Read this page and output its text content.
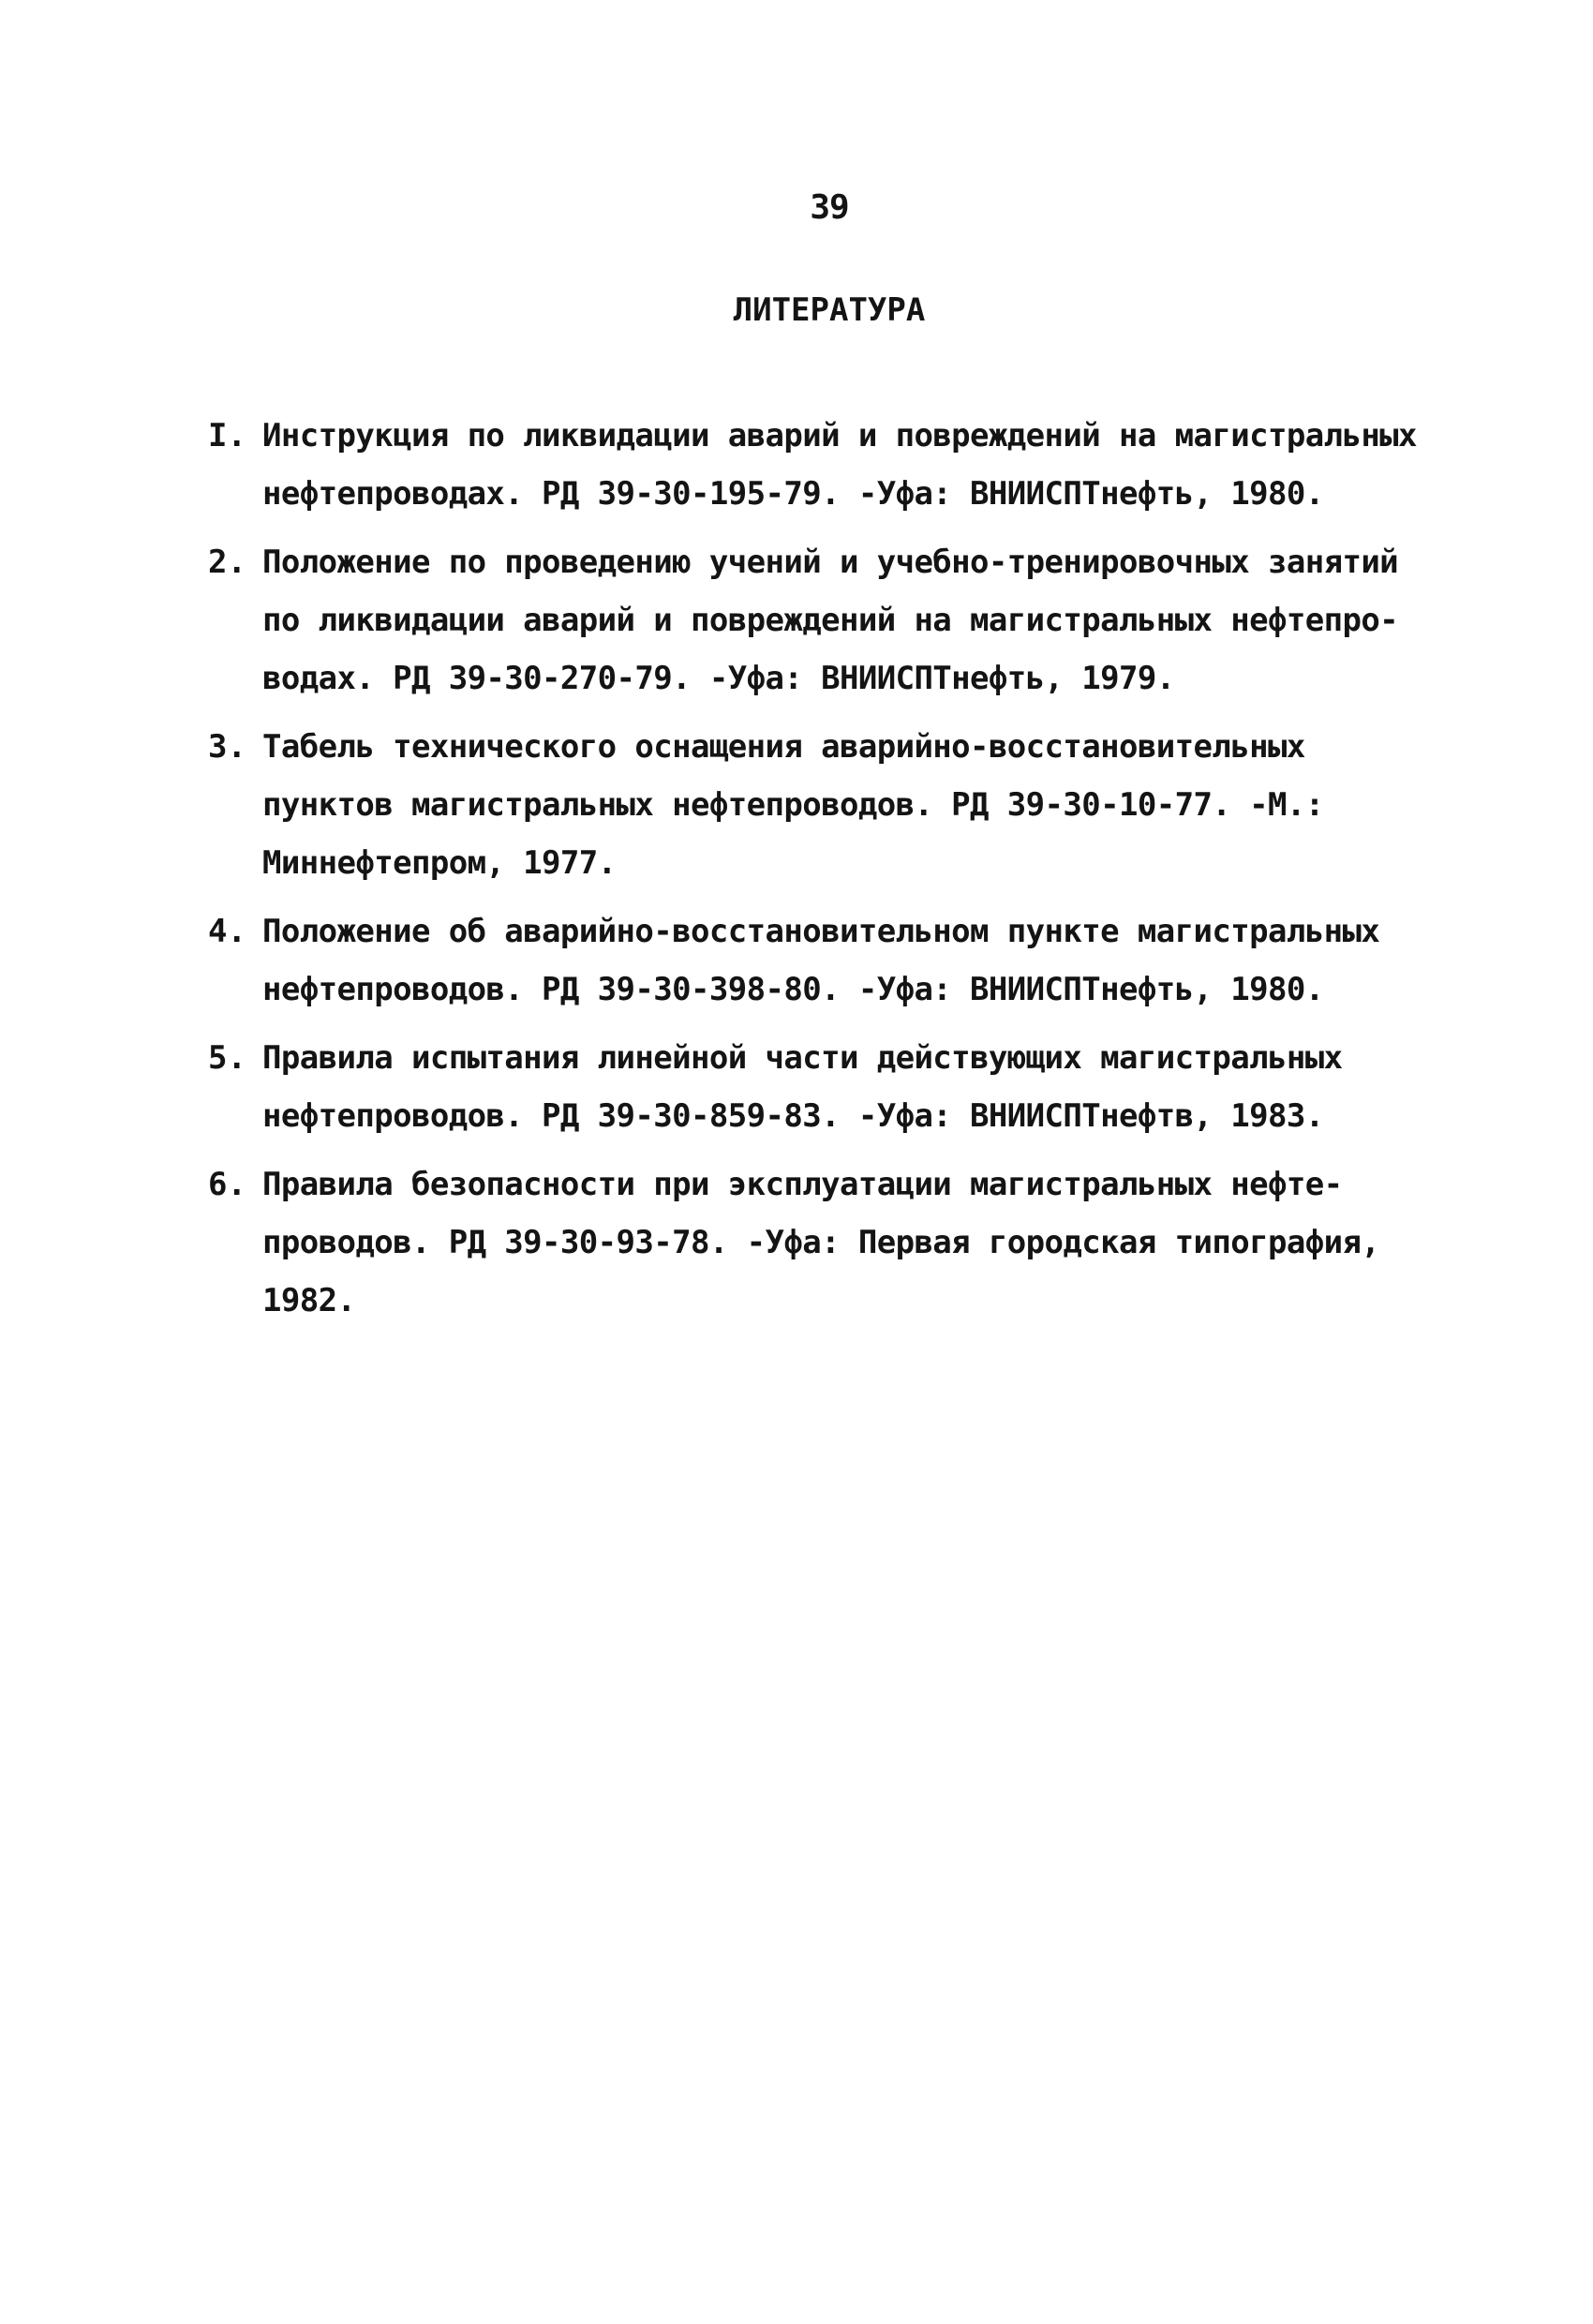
39
ЛИТЕРАТУРА
I. Инструкция по ликвидации аварий и повреждений на магистральных
нефтепроводах. РД 39-30-195-79. -Уфа: ВНИИСПТнефть, 1980.
2. Положение по проведению учений и учебно-тренировочных занятий
по ликвидации аварий и повреждений на магистральных нефтепро-
водах. РД 39-30-270-79. -Уфа: ВНИИСПТнефть, 1979.
3. Табель технического оснащения аварийно-восстановительных
пунктов магистральных нефтепроводов. РД 39-30-10-77. -М.:
Миннефтепром, 1977.
4. Положение об аварийно-восстановительном пункте магистральных
нефтепроводов. РД 39-30-398-80. -Уфа: ВНИИСПТнефть, 1980.
5. Правила испытания линейной части действующих магистральных
нефтепроводов. РД 39-30-859-83. -Уфа: ВНИИСПТнефтв, 1983.
6. Правила безопасности при эксплуатации магистральных нефте-
проводов. РД 39-30-93-78. -Уфа: Первая городская типография,
1982.
